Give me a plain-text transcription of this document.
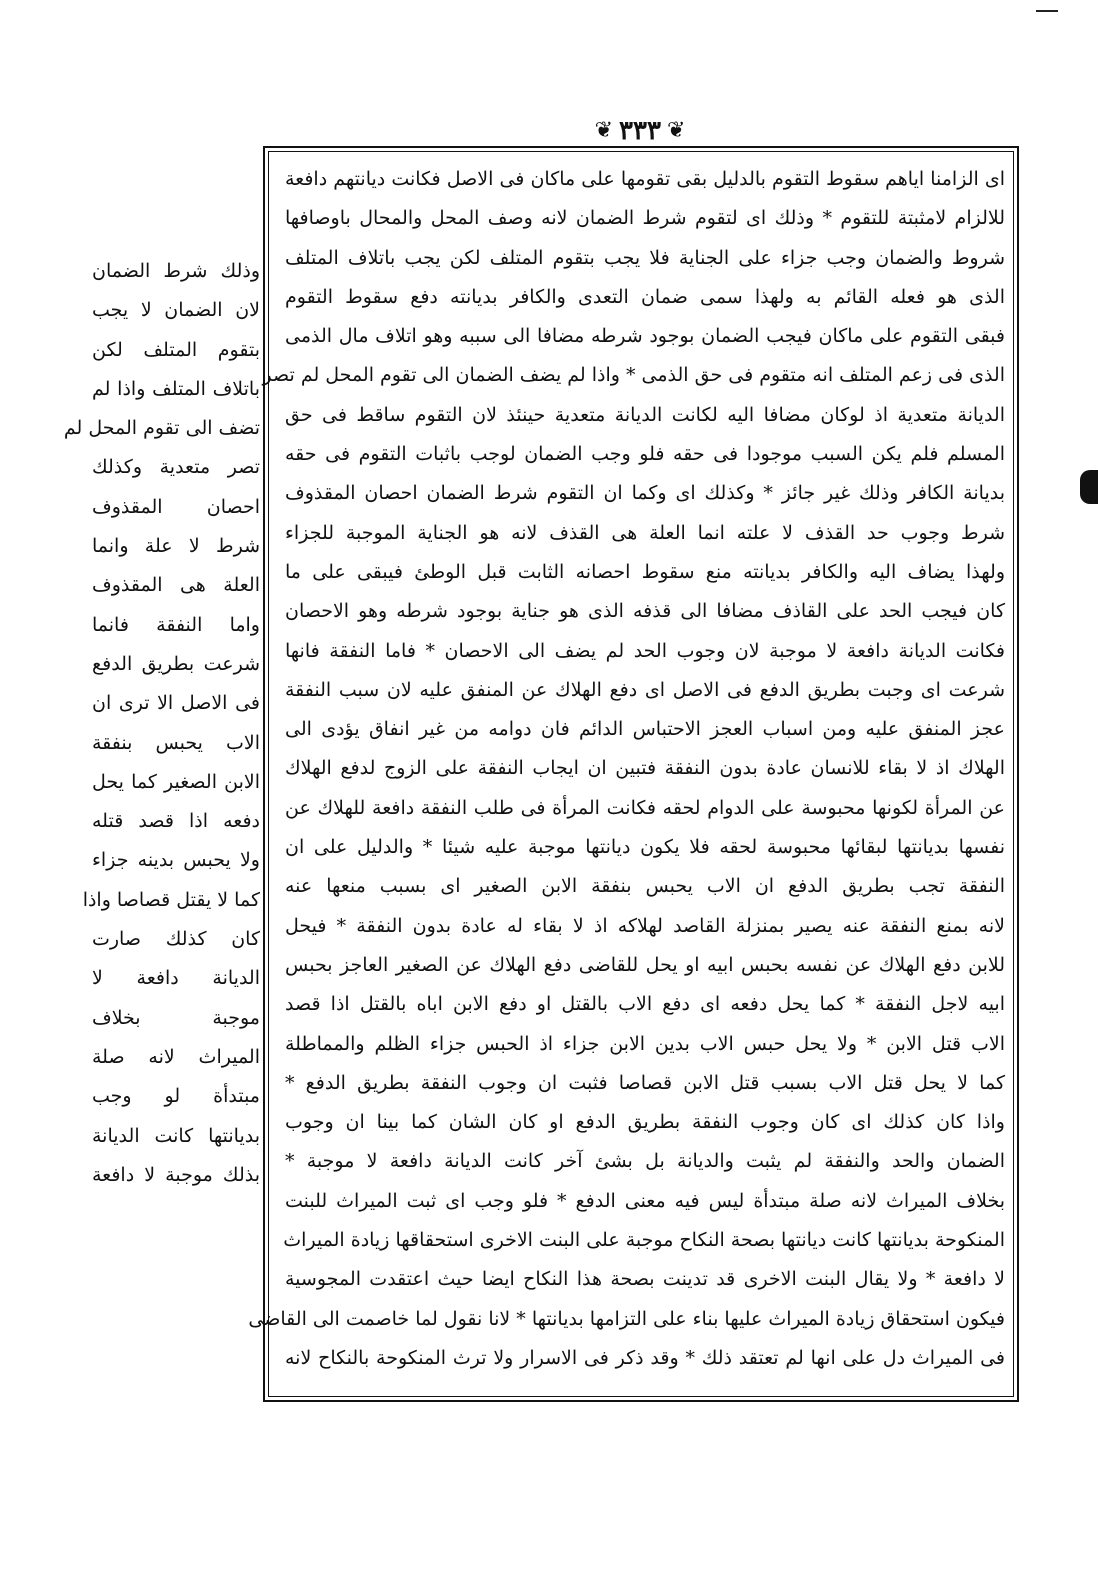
❦
٣٣٣
❦
اى الزامنا اياهم سقوط التقوم بالدليل بقى تقومها على ماكان فى الاصل فكانت ديانتهم دافعة
للالزام لامثبتة للتقوم * وذلك اى لتقوم شرط الضمان لانه وصف المحل والمحال باوصافها
شروط والضمان وجب جزاء على الجناية فلا يجب بتقوم المتلف لكن يجب باتلاف المتلف
الذى هو فعله القائم به ولهذا سمى ضمان التعدى والكافر بديانته دفع سقوط التقوم
فبقى التقوم على ماكان فيجب الضمان بوجود شرطه مضافا الى سببه وهو اتلاف مال الذمى
الذى فى زعم المتلف انه متقوم فى حق الذمى * واذا لم يضف الضمان الى تقوم المحل لم تصر
الديانة متعدية اذ لوكان مضافا اليه لكانت الديانة متعدية حينئذ لان التقوم ساقط فى حق
المسلم فلم يكن السبب موجودا فى حقه فلو وجب الضمان لوجب باثبات التقوم فى حقه
بديانة الكافر وذلك غير جائز * وكذلك اى وكما ان التقوم شرط الضمان احصان المقذوف
شرط وجوب حد القذف لا علته انما العلة هى القذف لانه هو الجناية الموجبة للجزاء
ولهذا يضاف اليه والكافر بديانته منع سقوط احصانه الثابت قبل الوطئ فيبقى على ما
كان فيجب الحد على القاذف مضافا الى قذفه الذى هو جناية بوجود شرطه وهو الاحصان
فكانت الديانة دافعة لا موجبة لان وجوب الحد لم يضف الى الاحصان * فاما النفقة فانها
شرعت اى وجبت بطريق الدفع فى الاصل اى دفع الهلاك عن المنفق عليه لان سبب النفقة
عجز المنفق عليه ومن اسباب العجز الاحتباس الدائم فان دوامه من غير انفاق يؤدى الى
الهلاك اذ لا بقاء للانسان عادة بدون النفقة فتبين ان ايجاب النفقة على الزوج لدفع الهلاك
عن المرأة لكونها محبوسة على الدوام لحقه فكانت المرأة فى طلب النفقة دافعة للهلاك عن
نفسها بديانتها لبقائها محبوسة لحقه فلا يكون ديانتها موجبة عليه شيئا * والدليل على ان
النفقة تجب بطريق الدفع ان الاب يحبس بنفقة الابن الصغير اى بسبب منعها عنه
لانه بمنع النفقة عنه يصير بمنزلة القاصد لهلاكه اذ لا بقاء له عادة بدون النفقة * فيحل
للابن دفع الهلاك عن نفسه بحبس ابيه او يحل للقاضى دفع الهلاك عن الصغير العاجز بحبس
ابيه لاجل النفقة * كما يحل دفعه اى دفع الاب بالقتل او دفع الابن اباه بالقتل اذا قصد
الاب قتل الابن * ولا يحل حبس الاب بدين الابن جزاء اذ الحبس جزاء الظلم والمماطلة
كما لا يحل قتل الاب بسبب قتل الابن قصاصا فثبت ان وجوب النفقة بطريق الدفع *
واذا كان كذلك اى كان وجوب النفقة بطريق الدفع او كان الشان كما بينا ان وجوب
الضمان والحد والنفقة لم يثبت والديانة بل بشئ آخر كانت الديانة دافعة لا موجبة *
بخلاف الميراث لانه صلة مبتدأة ليس فيه معنى الدفع * فلو وجب اى ثبت الميراث للبنت
المنكوحة بديانتها كانت ديانتها بصحة النكاح موجبة على البنت الاخرى استحقاقها زيادة الميراث
لا دافعة * ولا يقال البنت الاخرى قد تدينت بصحة هذا النكاح ايضا حيث اعتقدت المجوسية
فيكون استحقاق زيادة الميراث عليها بناء على التزامها بديانتها * لانا نقول لما خاصمت الى القاضى
فى الميراث دل على انها لم تعتقد ذلك * وقد ذكر فى الاسرار ولا ترث المنكوحة بالنكاح لانه
وذلك شرط الضمان
لان الضمان لا يجب
بتقوم المتلف لكن
باتلاف المتلف واذا لم
تضف الى تقوم المحل لم
تصر متعدية وكذلك
احصان المقذوف
شرط لا علة وانما
العلة هى المقذوف
واما النفقة فانما
شرعت بطريق الدفع
فى الاصل الا ترى ان
الاب يحبس بنفقة
الابن الصغير كما يحل
دفعه اذا قصد قتله
ولا يحبس بدينه جزاء
كما لا يقتل قصاصا واذا
كان كذلك صارت
الديانة دافعة لا
موجبة بخلاف
الميراث لانه صلة
مبتدأة لو وجب
بديانتها كانت الديانة
بذلك موجبة لا دافعة
